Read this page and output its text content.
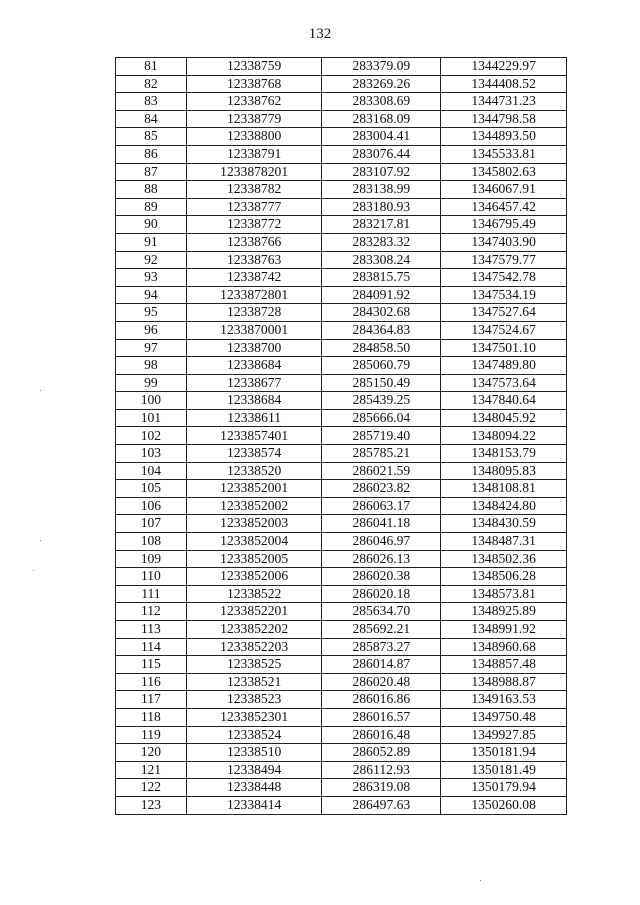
132
81	12338759	283379.09	1344229.97
82	12338768	283269.26	1344408.52
83	12338762	283308.69	1344731.23
84	12338779	283168.09	1344798.58
85	12338800	283004.41	1344893.50
86	12338791	283076.44	1345533.81
87	1233878201	283107.92	1345802.63
88	12338782	283138.99	1346067.91
89	12338777	283180.93	1346457.42
90	12338772	283217.81	1346795.49
91	12338766	283283.32	1347403.90
92	12338763	283308.24	1347579.77
93	12338742	283815.75	1347542.78
94	1233872801	284091.92	1347534.19
95	12338728	284302.68	1347527.64
96	1233870001	284364.83	1347524.67
97	12338700	284858.50	1347501.10
98	12338684	285060.79	1347489.80
99	12338677	285150.49	1347573.64
100	12338684	285439.25	1347840.64
101	12338611	285666.04	1348045.92
102	1233857401	285719.40	1348094.22
103	12338574	285785.21	1348153.79
104	12338520	286021.59	1348095.83
105	1233852001	286023.82	1348108.81
106	1233852002	286063.17	1348424.80
107	1233852003	286041.18	1348430.59
108	1233852004	286046.97	1348487.31
109	1233852005	286026.13	1348502.36
110	1233852006	286020.38	1348506.28
111	12338522	286020.18	1348573.81
112	1233852201	285634.70	1348925.89
113	1233852202	285692.21	1348991.92
114	1233852203	285873.27	1348960.68
115	12338525	286014.87	1348857.48
116	12338521	286020.48	1348988.87
117	12338523	286016.86	1349163.53
118	1233852301	286016.57	1349750.48
119	12338524	286016.48	1349927.85
120	12338510	286052.89	1350181.94
121	12338494	286112.93	1350181.49
122	12338448	286319.08	1350179.94
123	12338414	286497.63	1350260.08
